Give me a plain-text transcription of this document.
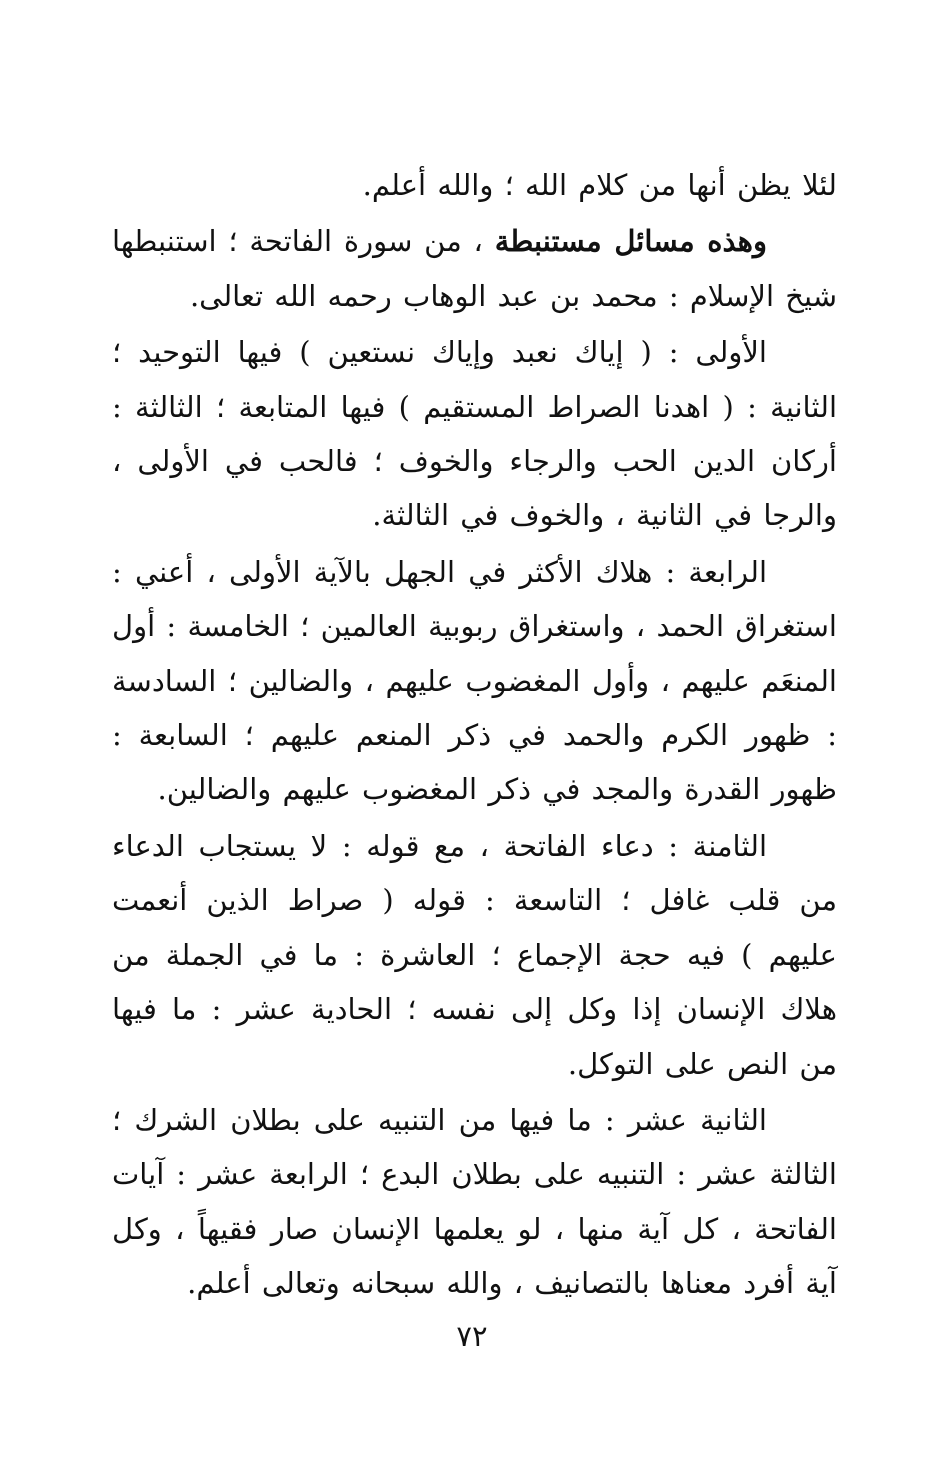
لئلا يظن أنها من كلام الله ؛ والله أعلم.

وهذه مسائل مستنبطة ، من سورة الفاتحة ؛ استنبطها شيخ الإسلام : محمد بن عبد الوهاب رحمه الله تعالى.

الأولى : ( إياك نعبد وإياك نستعين ) فيها التوحيد ؛ الثانية : ( اهدنا الصراط المستقيم ) فيها المتابعة ؛ الثالثة : أركان الدين الحب والرجاء والخوف ؛ فالحب في الأولى ، والرجا في الثانية ، والخوف في الثالثة.

الرابعة : هلاك الأكثر في الجهل بالآية الأولى ، أعني : استغراق الحمد ، واستغراق ربوبية العالمين ؛ الخامسة : أول المنعَم عليهم ، وأول المغضوب عليهم ، والضالين ؛ السادسة : ظهور الكرم والحمد في ذكر المنعم عليهم ؛ السابعة : ظهور القدرة والمجد في ذكر المغضوب عليهم والضالين.

الثامنة : دعاء الفاتحة ، مع قوله : لا يستجاب الدعاء من قلب غافل ؛ التاسعة : قوله ( صراط الذين أنعمت عليهم ) فيه حجة الإجماع ؛ العاشرة : ما في الجملة من هلاك الإنسان إذا وكل إلى نفسه ؛ الحادية عشر : ما فيها من النص على التوكل.

الثانية عشر : ما فيها من التنبيه على بطلان الشرك ؛ الثالثة عشر : التنبيه على بطلان البدع ؛ الرابعة عشر : آيات الفاتحة ، كل آية منها ، لو يعلمها الإنسان صار فقيهاً ، وكل آية أفرد معناها بالتصانيف ، والله سبحانه وتعالى أعلم.

٧٢
